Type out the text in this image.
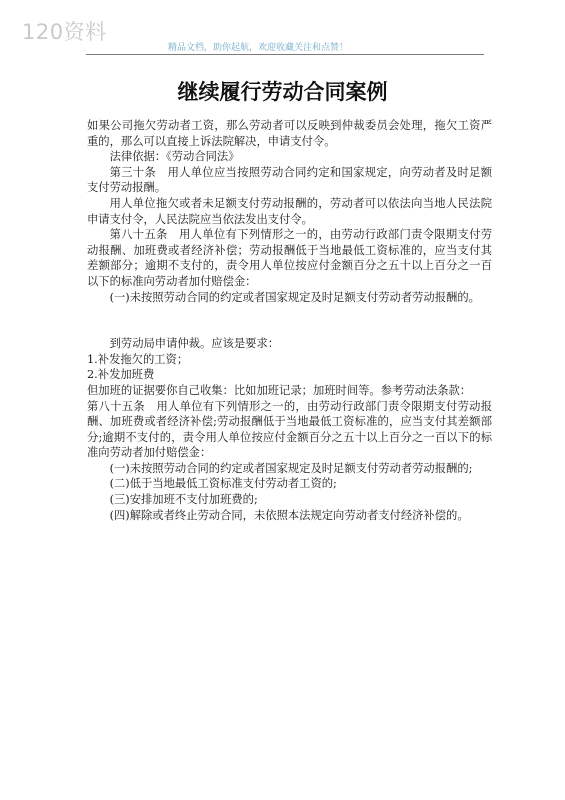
120资料
精品文档，助你起航，欢迎收藏关注和点赞！
继续履行劳动合同案例

如果公司拖欠劳动者工资，那么劳动者可以反映到仲裁委员会处理，拖欠工资严重的，那么可以直接上诉法院解决，申请支付令。

法律依据：《劳动合同法》

第三十条　用人单位应当按照劳动合同约定和国家规定，向劳动者及时足额支付劳动报酬。

用人单位拖欠或者未足额支付劳动报酬的，劳动者可以依法向当地人民法院申请支付令，人民法院应当依法发出支付令。

第八十五条　用人单位有下列情形之一的，由劳动行政部门责令限期支付劳动报酬、加班费或者经济补偿；劳动报酬低于当地最低工资标准的，应当支付其差额部分；逾期不支付的，责令用人单位按应付金额百分之五十以上百分之一百以下的标准向劳动者加付赔偿金：

(一)未按照劳动合同的约定或者国家规定及时足额支付劳动者劳动报酬的。

到劳动局申请仲裁。应该是要求：

1.补发拖欠的工资；

2.补发加班费

但加班的证据要你自己收集：比如加班记录；加班时间等。参考劳动法条款：

第八十五条　用人单位有下列情形之一的，由劳动行政部门责令限期支付劳动报酬、加班费或者经济补偿;劳动报酬低于当地最低工资标准的，应当支付其差额部分;逾期不支付的，责令用人单位按应付金额百分之五十以上百分之一百以下的标准向劳动者加付赔偿金：

(一)未按照劳动合同的约定或者国家规定及时足额支付劳动者劳动报酬的;

(二)低于当地最低工资标准支付劳动者工资的;

(三)安排加班不支付加班费的;

(四)解除或者终止劳动合同，未依照本法规定向劳动者支付经济补偿的。
